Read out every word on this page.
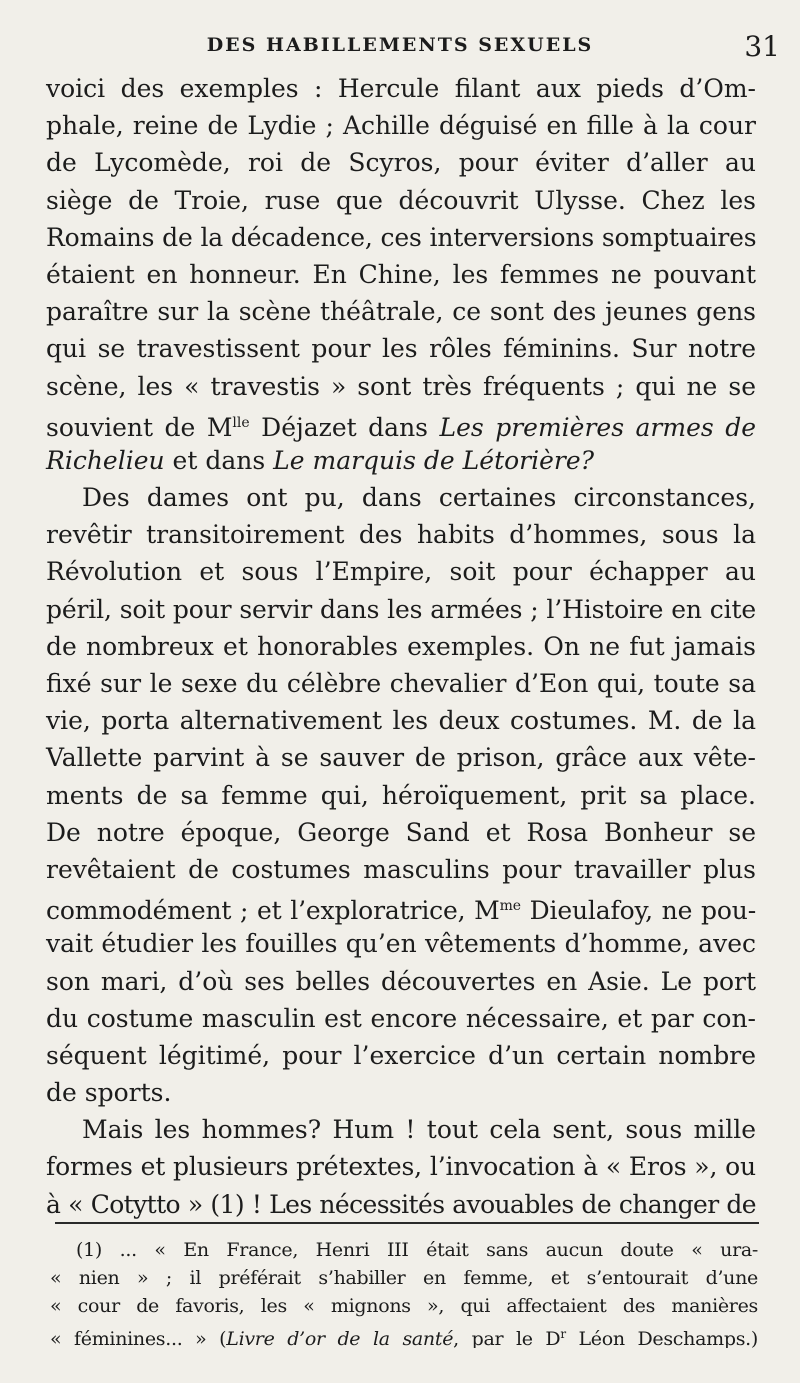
DES HABILLEMENTS SEXUELS	31
voici des exemples : Hercule filant aux pieds d’Om-
phale, reine de Lydie ; Achille déguisé en fille à la cour
de Lycomède, roi de Scyros, pour éviter d’aller au
siège de Troie, ruse que découvrit Ulysse. Chez les
Romains de la décadence, ces interversions somptuaires
étaient en honneur. En Chine, les femmes ne pouvant
paraître sur la scène théâtrale, ce sont des jeunes gens
qui se travestissent pour les rôles féminins. Sur notre
scène, les « travestis » sont très fréquents ; qui ne se
souvient de $M^{lle}$ Déjazet dans Les premières armes de
Richelieu et dans Le marquis de Létorière?
Des dames ont pu, dans certaines circonstances,
revêtir transitoirement des habits d’hommes, sous la
Révolution et sous l’Empire, soit pour échapper au
péril, soit pour servir dans les armées ; l’Histoire en cite
de nombreux et honorables exemples. On ne fut jamais
fixé sur le sexe du célèbre chevalier d’Eon qui, toute sa
vie, porta alternativement les deux costumes. M. de la
Vallette parvint à se sauver de prison, grâce aux vête-
ments de sa femme qui, héroïquement, prit sa place.
De notre époque, George Sand et Rosa Bonheur se
revêtaient de costumes masculins pour travailler plus
commodément ; et l’exploratrice, $M^{me}$ Dieulafoy, ne pou-
vait étudier les fouilles qu’en vêtements d’homme, avec
son mari, d’où ses belles découvertes en Asie. Le port
du costume masculin est encore nécessaire, et par con-
séquent légitimé, pour l’exercice d’un certain nombre
de sports.
Mais les hommes? Hum ! tout cela sent, sous mille
formes et plusieurs prétextes, l’invocation à « Eros », ou
à « Cotytto » (1) ! Les nécessités avouables de changer de
(1) ... « En France, Henri III était sans aucun doute « ura-
« nien » ; il préférait s’habiller en femme, et s’entourait d’une
« cour de favoris, les « mignons », qui affectaient des manières
« féminines... » (Livre d’or de la santé, par le $D^r$ Léon Deschamps.)
